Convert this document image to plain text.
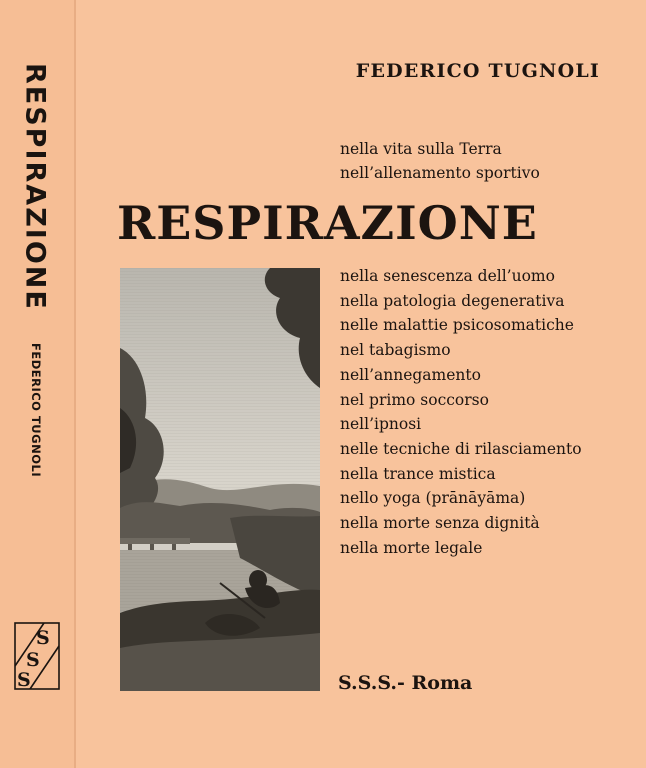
RESPIRAZIONE
FEDERICO TUGNOLI
S
S
S
FEDERICO TUGNOLI
nella vita sulla Terra
nell’allenamento sportivo
RESPIRAZIONE
nella senescenza dell’uomo
nella patologia degenerativa
nelle malattie psicosomatiche
nel tabagismo
nell’annegamento
nel primo soccorso
nell’ipnosi
nelle tecniche di rilasciamento
nella trance mistica
nello yoga (prānāyāma)
nella morte senza dignità
nella morte legale
S.S.S.- Roma
